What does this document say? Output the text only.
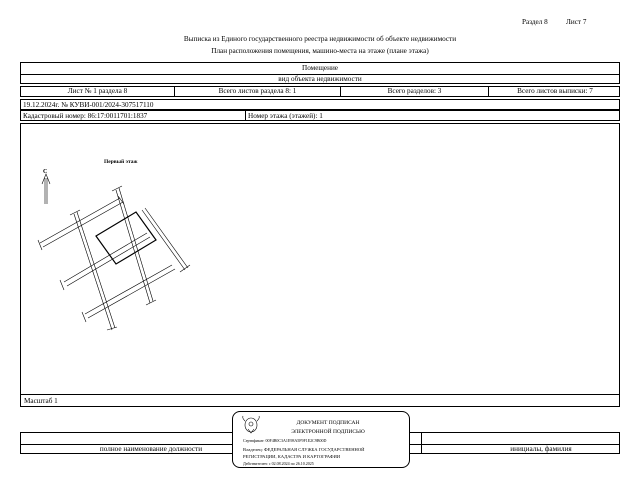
Раздел 8	Лист 7
Выписка из Единого государственного реестра недвижимости об объекте недвижимости
План расположения помещения, машино-места на этаже (плане этажа)
Помещение
вид объекта недвижимости
Лист № 1 раздела 8	Всего листов раздела 8: 1	Всего разделов: 3	Всего листов выписки: 7
19.12.2024г. № КУВИ-001/2024-307517110
Кадастровый номер: 86:17:0011701:1837	Номер этажа (этажей): 1
Масштаб 1
Первый этаж
С
полное наименование должности	инициалы, фамилия
ДОКУМЕНТ ПОДПИСАН
ЭЛЕКТРОННОЙ ПОДПИСЬЮ
Сертификат: 00F4B0C3A1E98A5F9F1E2C9B00D
Владелец: ФЕДЕРАЛЬНАЯ СЛУЖБА ГОСУДАРСТВЕННОЙ
РЕГИСТРАЦИИ, КАДАСТРА И КАРТОГРАФИИ
Действителен: с 02.08.2024 по 26.10.2025
